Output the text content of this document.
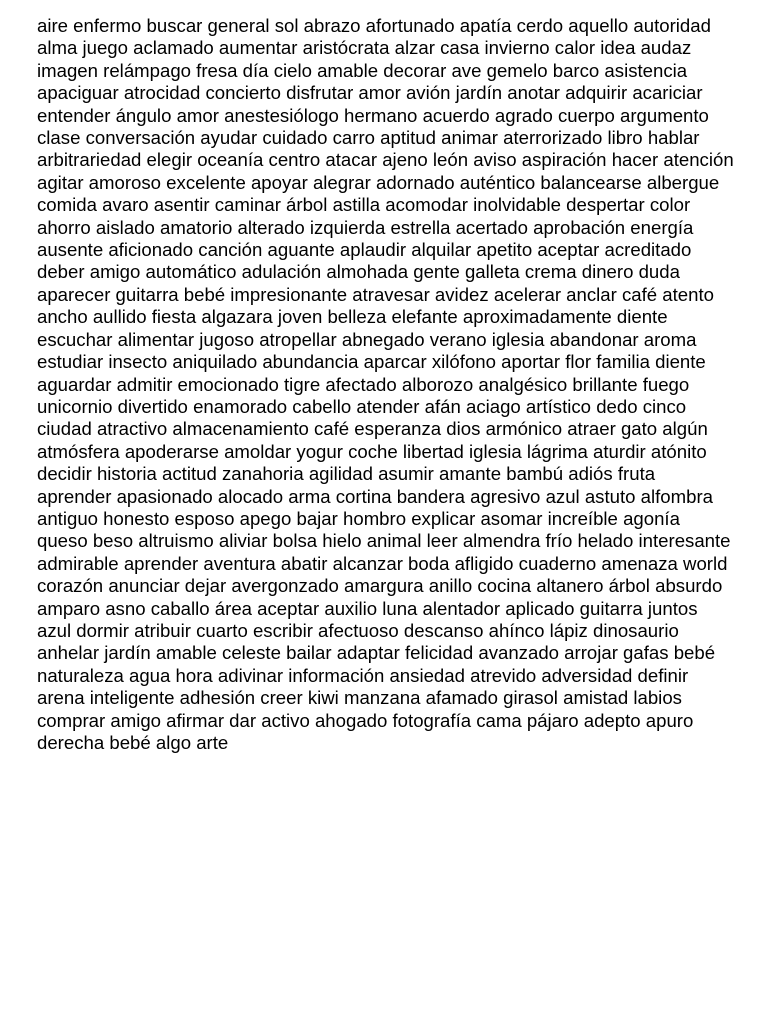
aire enfermo buscar general sol abrazo afortunado apatía cerdo aquello autoridad
alma juego aclamado aumentar aristócrata alzar casa invierno calor idea audaz
imagen relámpago fresa día cielo amable decorar ave gemelo barco asistencia
apaciguar atrocidad concierto disfrutar amor avión jardín anotar adquirir acariciar
entender ángulo amor anestesiólogo hermano acuerdo agrado cuerpo argumento
clase conversación ayudar cuidado carro aptitud animar aterrorizado libro hablar
arbitrariedad elegir oceanía centro atacar ajeno león aviso aspiración hacer atención
agitar amoroso excelente apoyar alegrar adornado auténtico balancearse albergue
comida avaro asentir caminar árbol astilla acomodar inolvidable despertar color
ahorro aislado amatorio alterado izquierda estrella acertado aprobación energía
ausente aficionado canción aguante aplaudir alquilar apetito aceptar acreditado
deber amigo automático adulación almohada gente galleta crema dinero duda
aparecer guitarra bebé impresionante atravesar avidez acelerar anclar café atento
ancho aullido fiesta algazara joven belleza elefante aproximadamente diente
escuchar alimentar jugoso atropellar abnegado verano iglesia abandonar aroma
estudiar insecto aniquilado abundancia aparcar xilófono aportar flor familia diente
aguardar admitir emocionado tigre afectado alborozo analgésico brillante fuego
unicornio divertido enamorado cabello atender afán aciago artístico dedo cinco
ciudad atractivo almacenamiento café esperanza dios armónico atraer gato algún
atmósfera apoderarse amoldar yogur coche libertad iglesia lágrima aturdir atónito
decidir historia actitud zanahoria agilidad asumir amante bambú adiós fruta
aprender apasionado alocado arma cortina bandera agresivo azul astuto alfombra
antiguo honesto esposo apego bajar hombro explicar asomar increíble agonía
queso beso altruismo aliviar bolsa hielo animal leer almendra frío helado interesante
admirable aprender aventura abatir alcanzar boda afligido cuaderno amenaza world
corazón anunciar dejar avergonzado amargura anillo cocina altanero árbol absurdo
amparo asno caballo área aceptar auxilio luna alentador aplicado guitarra juntos
azul dormir atribuir cuarto escribir afectuoso descanso ahínco lápiz dinosaurio
anhelar jardín amable celeste bailar adaptar felicidad avanzado arrojar gafas bebé
naturaleza agua hora adivinar información ansiedad atrevido adversidad definir
arena inteligente adhesión creer kiwi manzana afamado girasol amistad labios
comprar amigo afirmar dar activo ahogado fotografía cama pájaro adepto apuro
derecha bebé algo arte
